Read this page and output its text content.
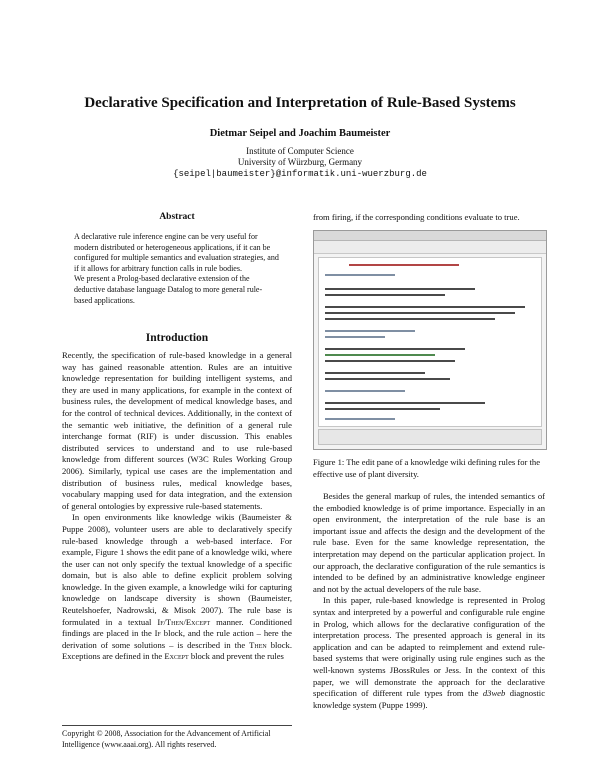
Declarative Specification and Interpretation of Rule-Based Systems
Dietmar Seipel and Joachim Baumeister
Institute of Computer Science
University of Würzburg, Germany
{seipel|baumeister}@informatik.uni-wuerzburg.de
Abstract

A declarative rule inference engine can be very useful for modern distributed or heterogeneous applications, if it can be configured for multiple semantics and evaluation strategies, and if it allows for arbitrary function calls in rule bodies.

We present a Prolog-based declarative extension of the deductive database language Datalog to more general rule-based applications.

Introduction

Recently, the specification of rule-based knowledge in a general way has gained reasonable attention. Rules are an intuitive knowledge representation for building intelligent systems, and they are used in many applications, for example in the context of business rules, the development of medical knowledge bases, and for the control of technical devices. Additionally, in the context of the semantic web initiative, the definition of a general rule interchange format (RIF) is under discussion. This enables distributed services to understand and to use rule-based knowledge from different sources (W3C Rules Working Group 2006). Similarly, typical use cases are the implementation and distribution of business rules, medical knowledge bases, vocabulary mapping used for data integration, and the extension of general ontologies by expressive rule-based statements.

In open environments like knowledge wikis (Baumeister & Puppe 2008), volunteer users are able to declaratively specify rule-based knowledge through a web-based interface. For example, Figure 1 shows the edit pane of a knowledge wiki, where the user can not only specify the textual knowledge of a specific domain, but is also able to define explicit problem solving knowledge. In the given example, a knowledge wiki for capturing knowledge on landscape diversity is shown (Baumeister, Reutelshoefer, Nadrowski, & Misok 2007). The rule base is formulated in a textual If/Then/Except manner. Conditioned findings are placed in the If block, and the rule action – here the derivation of some solutions – is described in the Then block. Exceptions are defined in the Except block and prevent the rules

Copyright © 2008, Association for the Advancement of Artificial Intelligence (www.aaai.org). All rights reserved.

from firing, if the corresponding conditions evaluate to true.

Figure 1: The edit pane of a knowledge wiki defining rules for the effective use of plant diversity.

Besides the general markup of rules, the intended semantics of the embodied knowledge is of prime importance. Especially in an open environment, the interpretation of the rule base is an important issue and affects the design and the development of the rule base. Even for the same knowledge representation, the interpretation may depend on the particular application project. In our approach, the declarative configuration of the rule semantics is intended to be defined by an administrative knowledge engineer and not by the actual developers of the rule base.

In this paper, rule-based knowledge is represented in Prolog syntax and interpreted by a powerful and configurable rule engine in Prolog, which allows for the declarative configuration of the interpretation process. The presented approach is general in its application and can be adapted to reimplement and extend rule-based systems that were originally using rule engines such as the well-known systems JBossRules or Jess. In the context of this paper, we will demonstrate the approach for the declarative specification of different rule types from the d3web diagnostic knowledge system (Puppe 1999).
